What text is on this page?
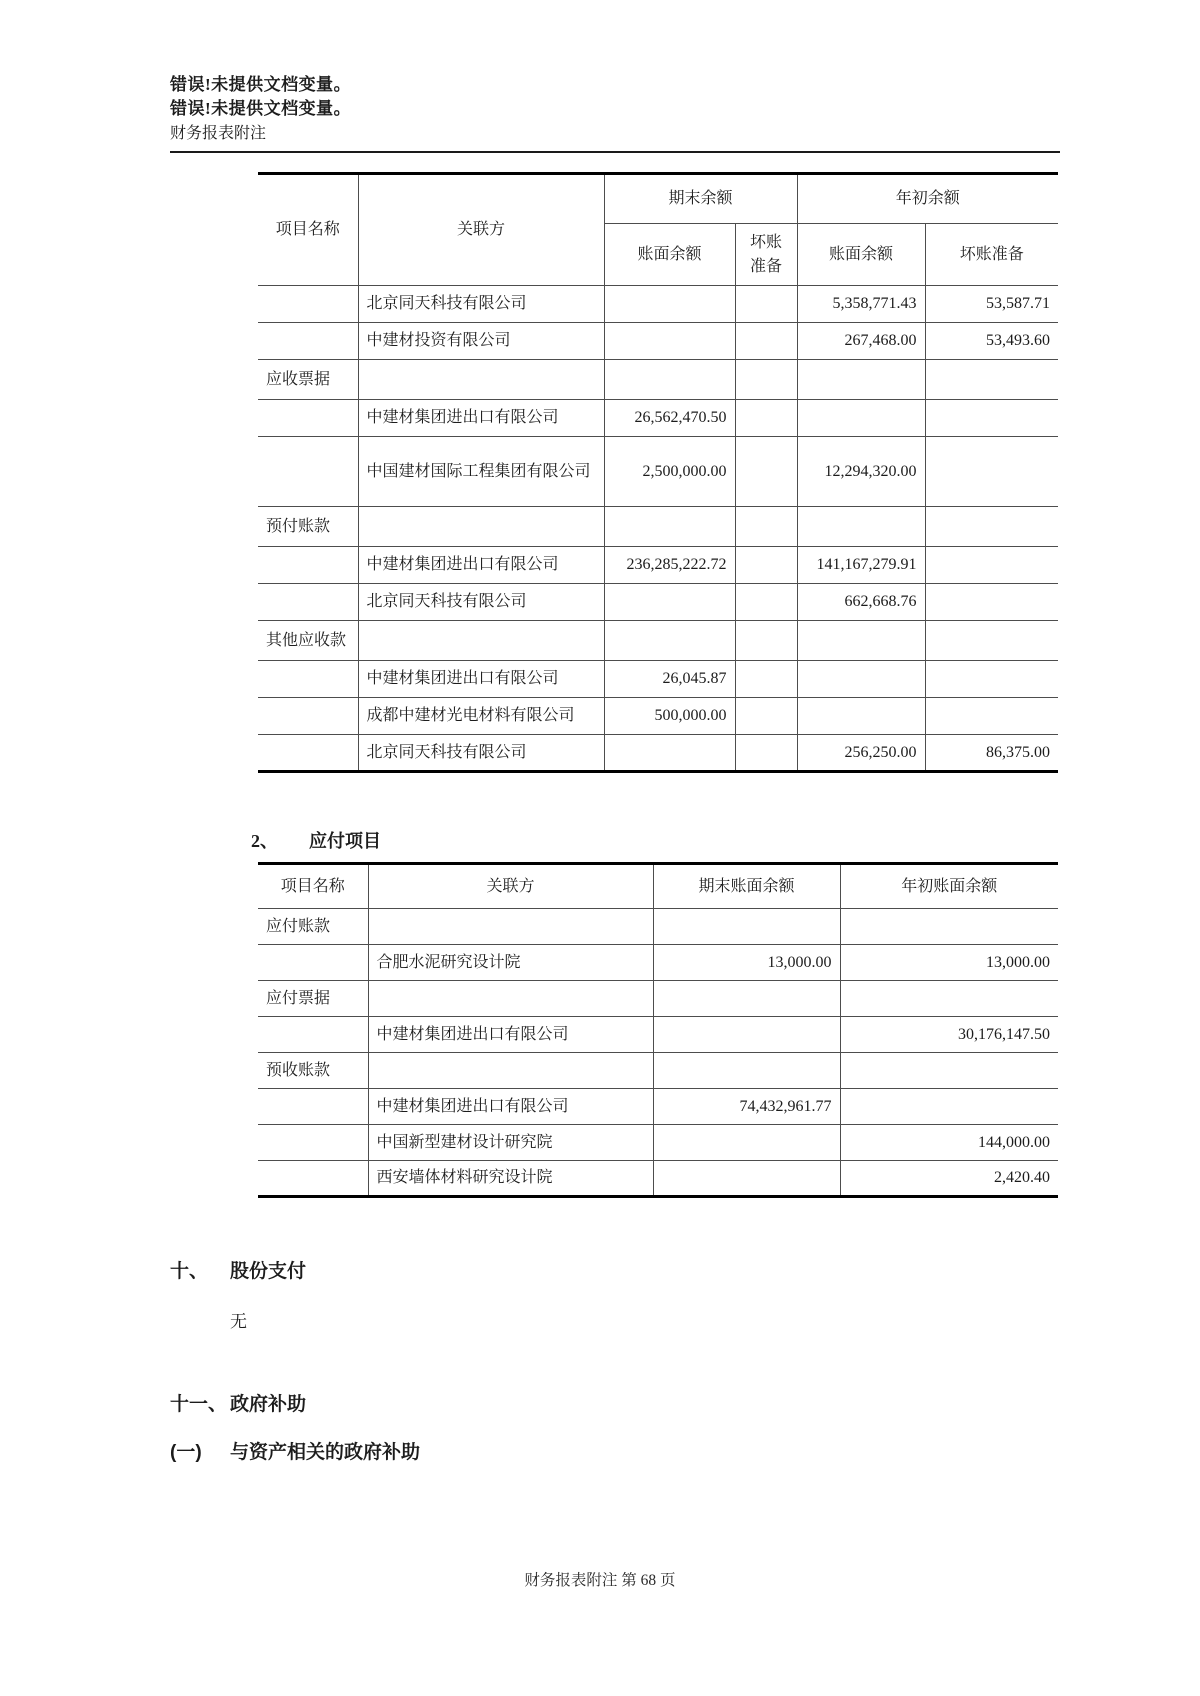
错误!未提供文档变量。
错误!未提供文档变量。
财务报表附注
项目名称	关联方	期末余额		年初余额	
		账面余额	坏账准备	账面余额	坏账准备
	北京同天科技有限公司			5,358,771.43	53,587.71
	中建材投资有限公司			267,468.00	53,493.60
应收票据					
	中建材集团进出口有限公司	26,562,470.50			
	中国建材国际工程集团有限公司	2,500,000.00		12,294,320.00	
预付账款					
	中建材集团进出口有限公司	236,285,222.72		141,167,279.91	
	北京同天科技有限公司			662,668.76	
其他应收款					
	中建材集团进出口有限公司	26,045.87			
	成都中建材光电材料有限公司	500,000.00			
	北京同天科技有限公司			256,250.00	86,375.00
2、	应付项目
项目名称	关联方	期末账面余额	年初账面余额
应付账款			
	合肥水泥研究设计院	13,000.00	13,000.00
应付票据			
	中建材集团进出口有限公司		30,176,147.50
预收账款			
	中建材集团进出口有限公司	74,432,961.77	
	中国新型建材设计研究院		144,000.00
	西安墙体材料研究设计院		2,420.40
十、	股份支付
无
十一、 政府补助
(一)	与资产相关的政府补助
财务报表附注 第 68 页
